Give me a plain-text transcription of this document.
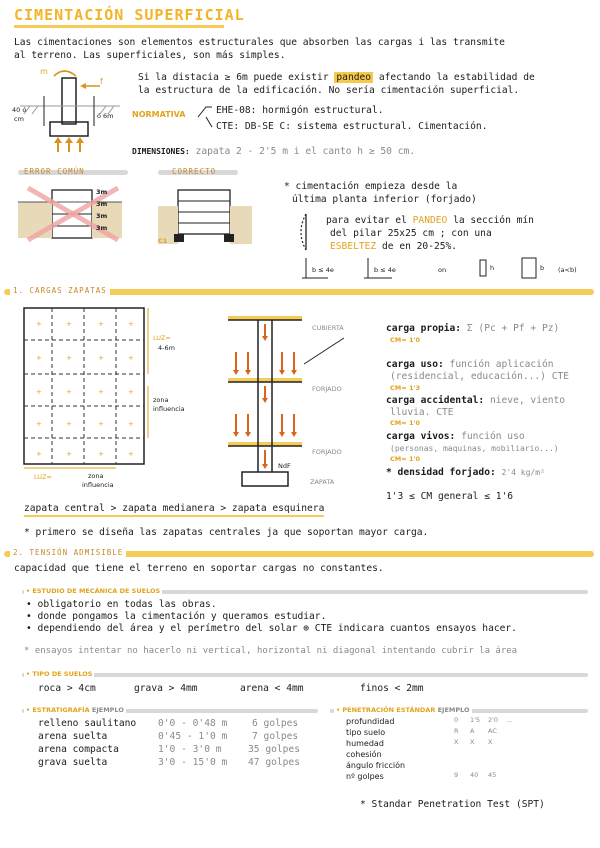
CIMENTACIÓN SUPERFICIAL
Las cimentaciones son elementos estructurales que absorben las cargas i las transmite
al terreno. Las superficiales, son más simples.
m
f
40 ó
cm	ó 6m
Si la distacia ≥ 6m puede existir pandeo afectando la estabilidad de
la estructura de la edificación. No sería cimentación superficial.
NORMATIVA	EHE-08: hormigón estructural.
CTE: DB-SE C: sistema estructural. Cimentación.
DIMENSIONES: zapata 2 - 2'5 m i el canto h ≥ 50 cm.
ERROR COMÚN	CORRECTO
3m
3m
3m
3m
C1
* cimentación empieza desde la
última planta inferior (forjado)
para evitar el PANDEO la sección mín
del pilar 25x25 cm ; con una
ESBELTEZ de en 20-25%.
b ≤ 4e	b ≤ 4e	on	h	b (a<b)
1. CARGAS ZAPATAS
+	+	+	+
+	+	+	+
+	+	+	+
+	+	+	+
+	+	+	+
LUZ≈
4-6m
zona
influencia
LUZ≈	zona
influencia
CUBIERTA
FORJADO
FORJADO
ZAPATA
NdF
carga propia: Σ (Pc + Pf + Pz)
CM≈ 1'0
carga uso: función aplicación
(residencial, educación...) CTE
CM≈ 1'3
carga accidental: nieve, viento
lluvia. CTE
CM≈ 1'0
carga vivos: función uso
(personas, maquinas, mobiliario...)
CM≈ 1'0
* densidad forjado: 2'4 kg/m²
1'3 ≤ CM general ≤ 1'6
zapata central > zapata medianera > zapata esquinera
* primero se diseña las zapatas centrales ja que soportan mayor carga.
2. TENSIÓN ADMISIBLE
capacidad que tiene el terreno en soportar cargas no constantes.
• ESTUDIO DE MECÁNICA DE SUELOS
• obligatorio en todas las obras.
• donde pongamos la cimentación y queramos estudiar.
• dependiendo del área y el perímetro del solar ⊕ CTE indicara cuantos ensayos hacer.
* ensayos intentar no hacerlo ni vertical, horizontal ni diagonal intentando cubrir la área
• TIPO DE SUELOS
roca > 4cm	grava > 4mm	arena < 4mm	finos < 2mm
• ESTRATIGRAFÍA EJEMPLO
relleno saulitano 0'0 - 0'48 m	6 golpes
arena suelta	0'45 - 1'0 m	7 golpes
arena compacta	1'0 - 3'0 m	35 golpes
grava suelta	3'0 - 15'0 m 47 golpes
• PENETRACIÓN ESTÁNDAR EJEMPLO
profundidad	0 1'5 2'0 ...
tipo suelo	R A AC
humedad	X X X
cohesión
ángulo fricción
nº golpes	9 40 45
* Standar Penetration Test (SPT)
